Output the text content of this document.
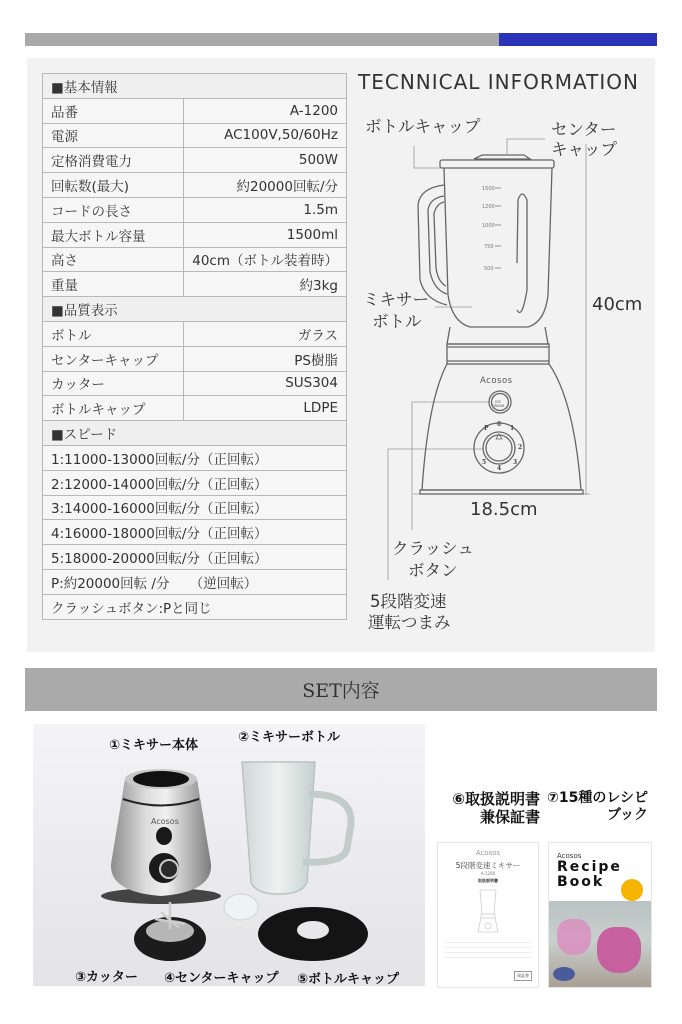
■基本情報	
品番	A-1200
電源	AC100V,50/60Hz
定格消費電力	500W
回転数(最大)	約20000回転/分
コードの長さ	1.5m
最大ボトル容量	1500ml
高さ	40cm（ボトル装着時）
重量	約3kg
■品質表示	
ボトル	ガラス
センターキャップ	PS樹脂
カッター	SUS304
ボトルキャップ	LDPE
■スピード	
1:11000-13000回転/分（正回転）	
2:12000-14000回転/分（正回転）	
3:14000-16000回転/分（正回転）	
4:16000-18000回転/分（正回転）	
5:18000-20000回転/分（正回転）	
P:約20000回転 /分　　（逆回転）	
クラッシュボタン:Pと同じ	
TECNNICAL INFORMATION
ボトルキャップ	センター
キャップ
ミキサー
ボトル
40cm
18.5cm
クラッシュ
ボタン
5段階変速
運転つまみ
1500
1200
1000
750
500
Acosos
ICE
CRUSH
0
1
2
3
4
5
P
SET内容
Acosos
①ミキサー本体
②ミキサーボトル
③カッター ④センターキャップ ⑤ボトルキャップ
⑥取扱説明書
兼保証書
⑦15種のレシピ
ブック
Acosos
5段階変速ミキサー
A-1200
取扱説明書
保証書
Acosos
Recipe
Book
